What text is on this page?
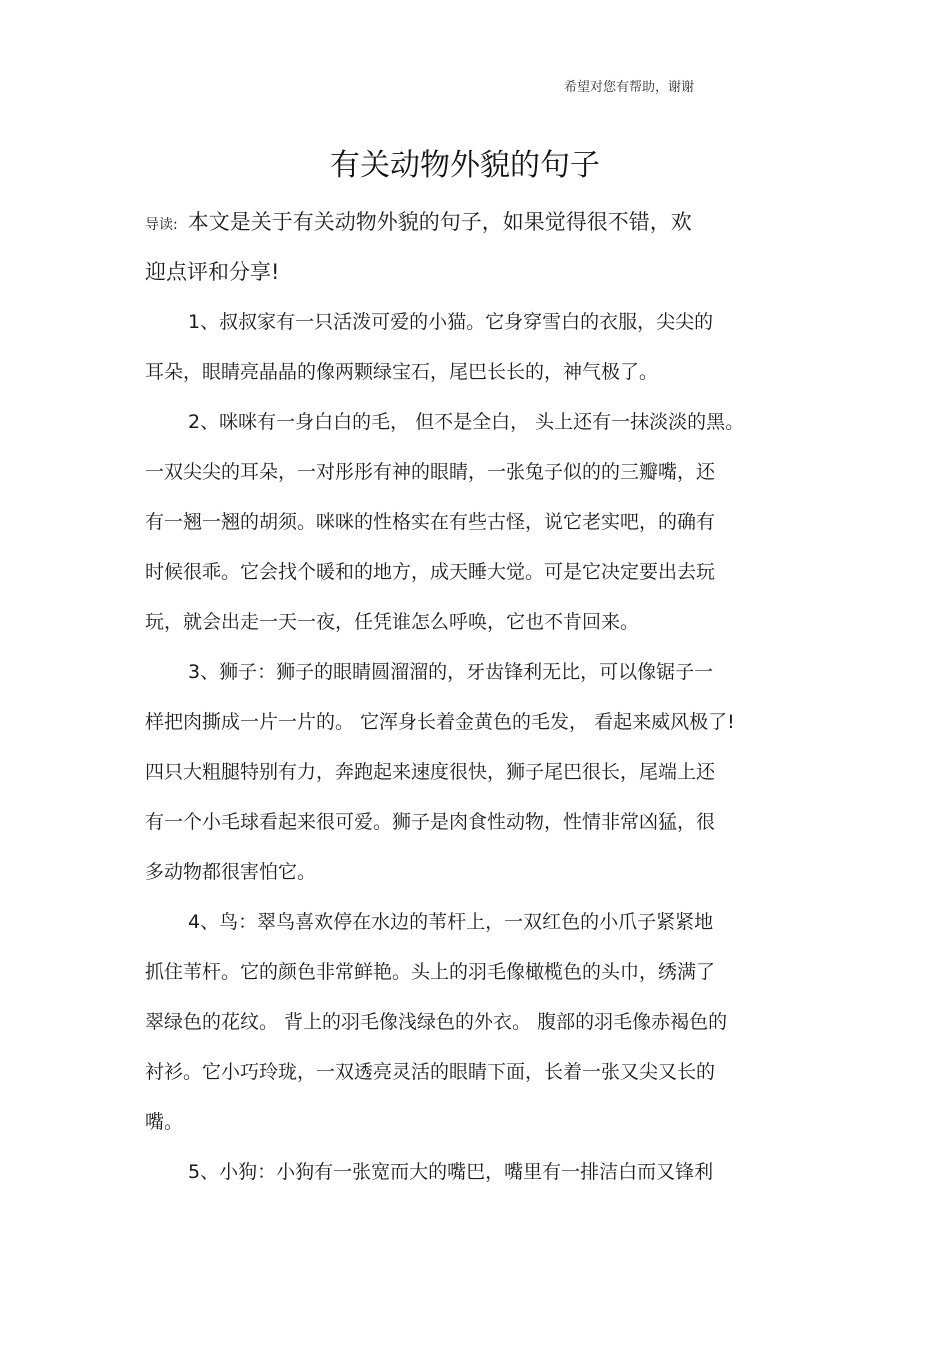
希望对您有帮助，谢谢
有关动物外貌的句子
导读: 本文是关于有关动物外貌的句子，如果觉得很不错，欢
迎点评和分享!
1、叔叔家有一只活泼可爱的小猫。它身穿雪白的衣服，尖尖的
耳朵，眼睛亮晶晶的像两颗绿宝石，尾巴长长的，神气极了。
2、咪咪有一身白白的毛， 但不是全白， 头上还有一抹淡淡的黑。
一双尖尖的耳朵，一对彤彤有神的眼睛，一张兔子似的的三瓣嘴，还
有一翘一翘的胡须。咪咪的性格实在有些古怪，说它老实吧，的确有
时候很乖。它会找个暖和的地方，成天睡大觉。可是它决定要出去玩
玩，就会出走一天一夜，任凭谁怎么呼唤，它也不肯回来。
3、狮子：狮子的眼睛圆溜溜的，牙齿锋利无比，可以像锯子一
样把肉撕成一片一片的。 它浑身长着金黄色的毛发， 看起来威风极了!
四只大粗腿特别有力，奔跑起来速度很快，狮子尾巴很长，尾端上还
有一个小毛球看起来很可爱。狮子是肉食性动物，性情非常凶猛，很
多动物都很害怕它。
4、鸟：翠鸟喜欢停在水边的苇杆上，一双红色的小爪子紧紧地
抓住苇杆。它的颜色非常鲜艳。头上的羽毛像橄榄色的头巾，绣满了
翠绿色的花纹。 背上的羽毛像浅绿色的外衣。 腹部的羽毛像赤褐色的
衬衫。它小巧玲珑，一双透亮灵活的眼睛下面，长着一张又尖又长的
嘴。
5、小狗：小狗有一张宽而大的嘴巴，嘴里有一排洁白而又锋利
